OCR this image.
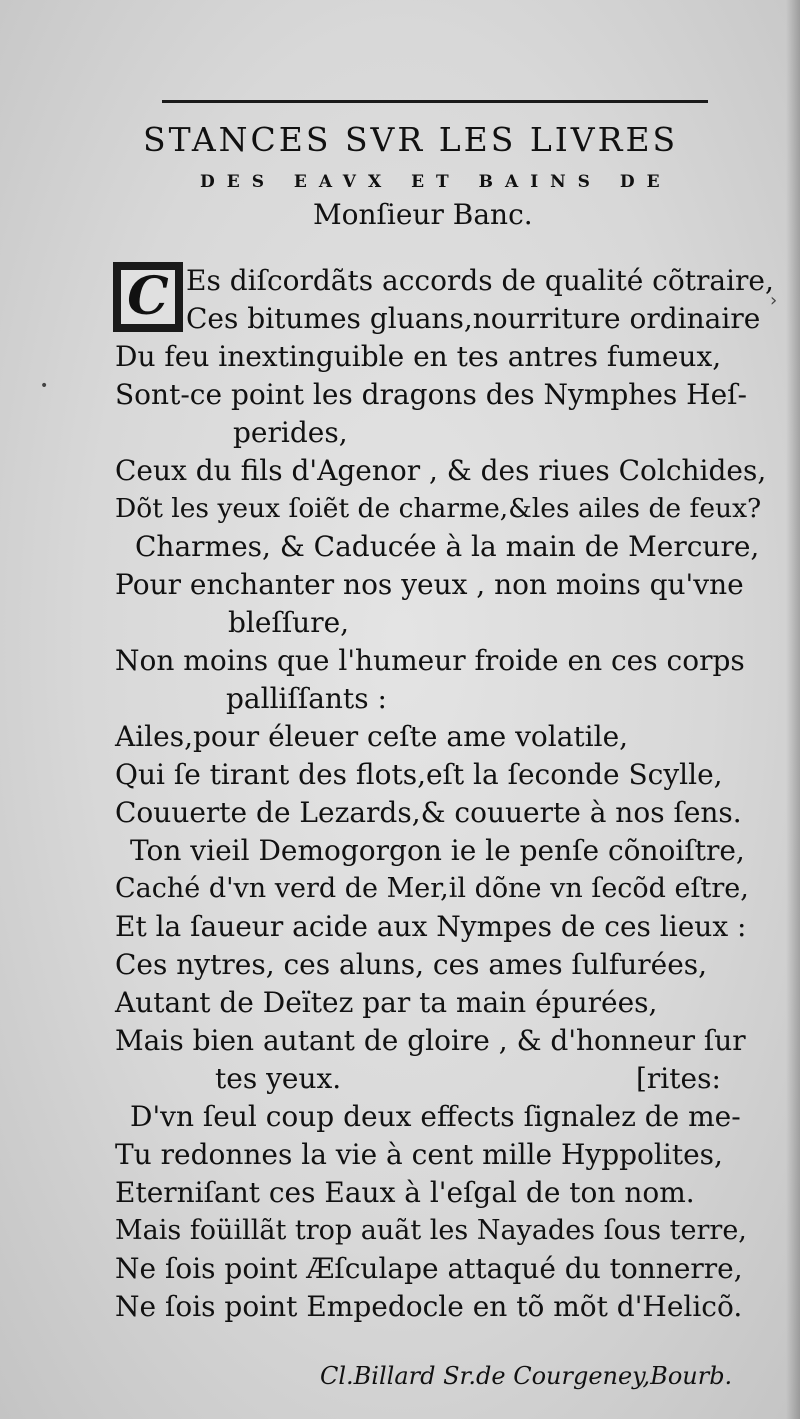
STANCES SVR LES LIVRES
DES EAVX ET BAINS DE
Monſieur Banc.
C Es diſcordãts accords de qualité cõtraire,
Ces bitumes gluans,nourriture ordinaire
Du feu inextinguible en tes antres fumeux,
Sont-ce point les dragons des Nymphes Heſ-
perides,
Ceux du fils d'Agenor , & des riues Colchides,
Dõt les yeux ſoiẽt de charme,&les ailes de feux?
Charmes, & Caducée à la main de Mercure,
Pour enchanter nos yeux , non moins qu'vne
bleſſure,
Non moins que l'humeur froide en ces corps
palliſſants :
Ailes,pour éleuer ceſte ame volatile,
Qui ſe tirant des flots,eſt la ſeconde Scylle,
Couuerte de Lezards,& couuerte à nos ſens.
Ton vieil Demogorgon ie le penſe cõnoiſtre,
Caché d'vn verd de Mer,il dõne vn ſecõd eſtre,
Et la ſaueur acide aux Nympes de ces lieux :
Ces nytres, ces aluns, ces ames ſulfurées,
Autant de Deïtez par ta main épurées,
Mais bien autant de gloire , & d'honneur ſur
tes yeux.	[rites:
D'vn ſeul coup deux effects ſignalez de me-
Tu redonnes la vie à cent mille Hyppolites,
Eterniſant ces Eaux à l'eſgal de ton nom.
Mais foüillãt trop auãt les Nayades ſous terre,
Ne ſois point Æſculape attaqué du tonnerre,
Ne ſois point Empedocle en tõ mõt d'Helicõ.
Cl.Billard Sr.de Courgeney,Bourb.
•
›
